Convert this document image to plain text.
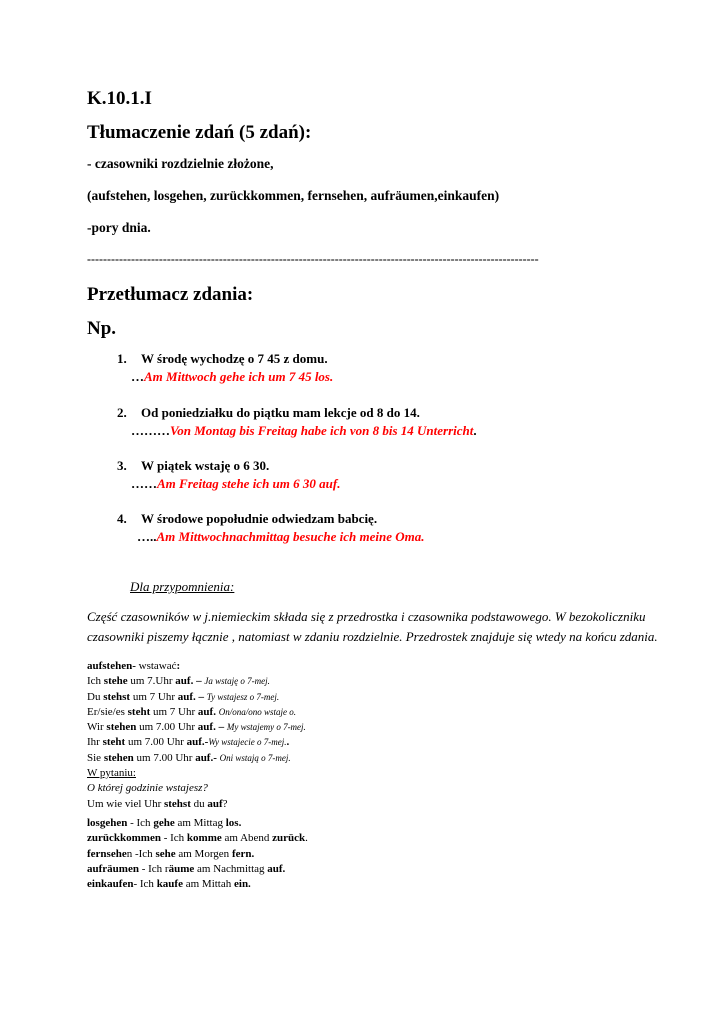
K.10.1.I
Tłumaczenie zdań (5 zdań):
- czasowniki rozdzielnie złożone,
(aufstehen, losgehen, zurückkommen, fernsehen, aufräumen,einkaufen)
-pory dnia.
-----------------------------------------------------------------------------------------------------------------
Przetłumacz zdania:
Np.
1. W środę wychodzę o 7 45 z domu.
…Am Mittwoch gehe ich um 7 45 los.
2. Od poniedziałku do piątku mam lekcje od 8 do 14.
………Von Montag bis Freitag habe ich von 8 bis 14 Unterricht.
3. W piątek wstaję o 6 30.
……Am Freitag stehe ich um 6 30 auf.
4. W środowe popołudnie odwiedzam babcię.
…..Am Mittwochnachmittag besuche ich meine Oma.
Dla przypomnienia:
Część czasowników w j.niemieckim składa się z przedrostka i czasownika podstawowego. W bezokoliczniku czasowniki piszemy łącznie , natomiast w zdaniu rozdzielnie. Przedrostek znajduje się wtedy na końcu zdania.
aufstehen- wstawać:
Ich stehe um 7.Uhr auf. – Ja wstaję o 7-mej.
Du stehst um 7 Uhr auf. – Ty wstajesz o 7-mej.
Er/sie/es steht um 7 Uhr auf. On/ona/ono wstaje o.
Wir stehen um 7.00 Uhr auf. – My wstajemy o 7-mej.
Ihr steht um 7.00 Uhr auf.-Wy wstajecie o 7-mej..
Sie stehen um 7.00 Uhr auf.- Oni wstają o 7-mej.
W pytaniu:
O której godzinie wstajesz?
Um wie viel Uhr stehst du auf?
losgehen - Ich gehe am Mittag los.
zurückkommen - Ich komme am Abend zurück.
fernsehen -Ich sehe am Morgen fern.
aufräumen - Ich räume am Nachmittag auf.
einkaufen- Ich kaufe am Mittah ein.
